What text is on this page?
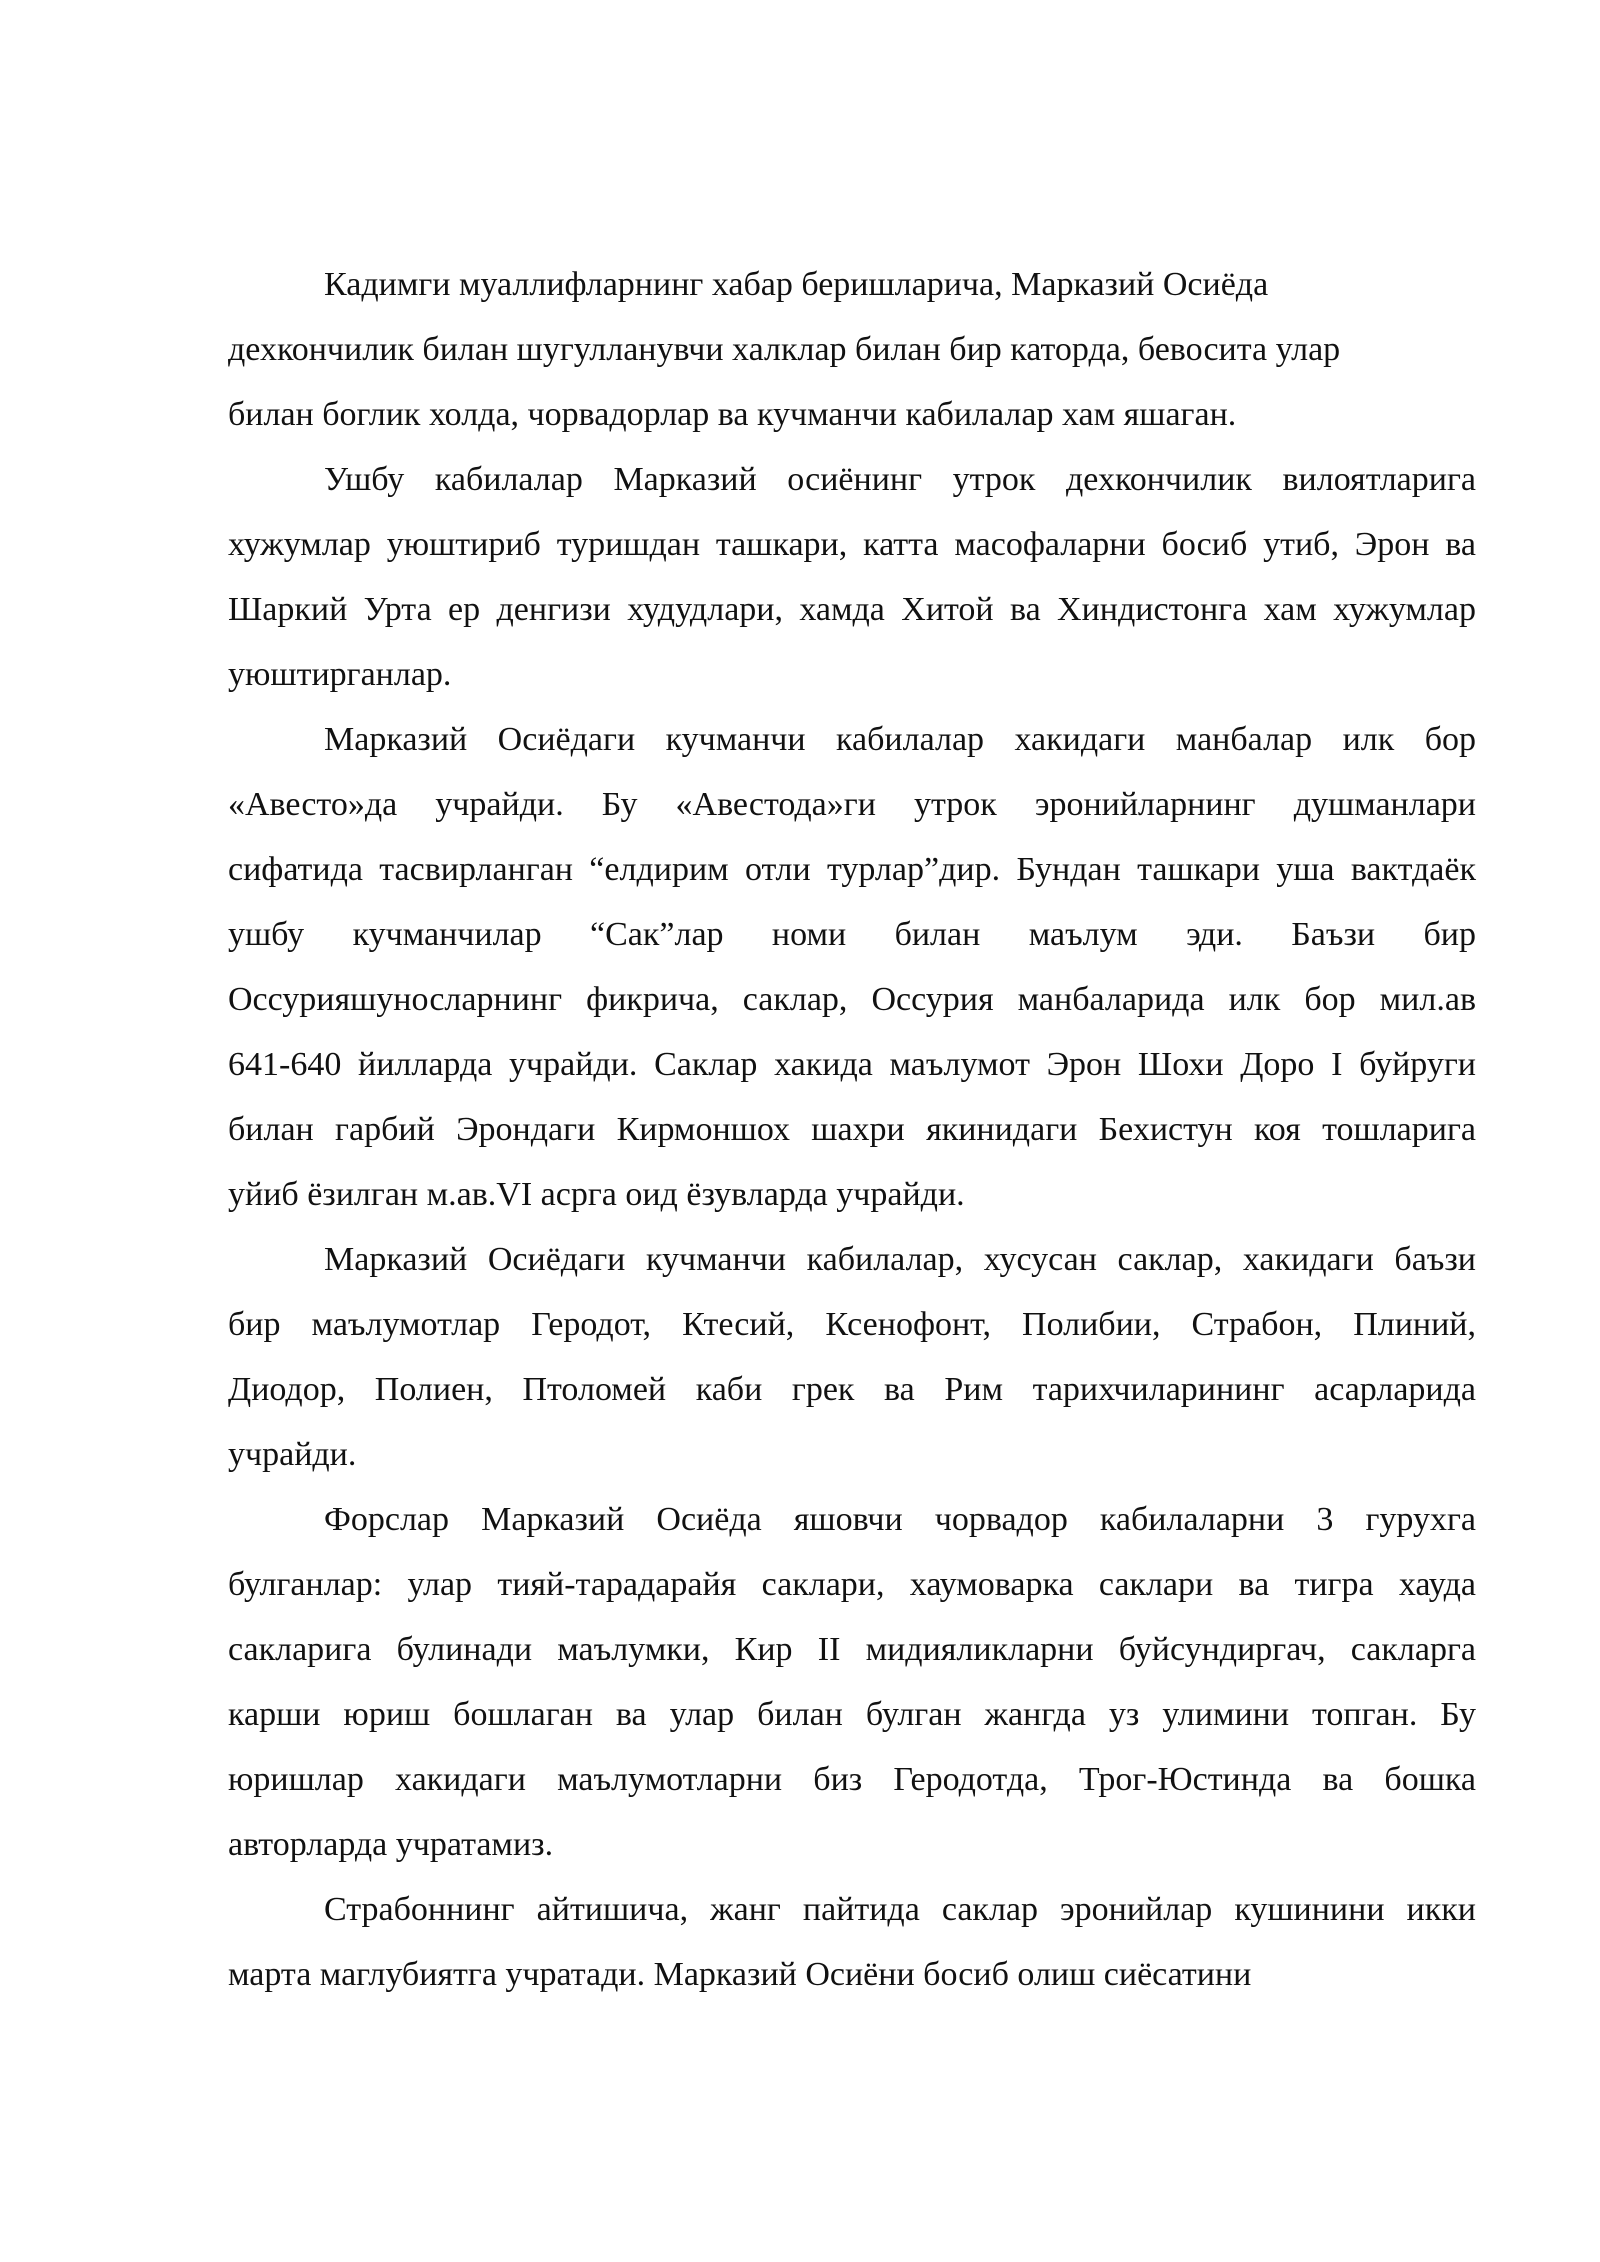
Кадимги муаллифларнинг хабар беришларича, Марказий Осиёда
дехкончилик билан шугулланувчи халклар билан бир каторда, бевосита улар
билан боглик холда, чорвадорлар ва кучманчи кабилалар хам яшаган.
Ушбу кабилалар Марказий осиёнинг утрок дехкончилик вилоятларига
хужумлар уюштириб туришдан ташкари, катта масофаларни босиб утиб, Эрон ва
Шаркий Урта ер денгизи худудлари, хамда Хитой ва Хиндистонга хам хужумлар
уюштирганлар.
Марказий Осиёдаги кучманчи кабилалар хакидаги манбалар илк бор
«Авесто»да учрайди. Бу «Авестода»ги утрок эронийларнинг душманлари
сифатида тасвирланган “елдирим отли турлар”дир. Бундан ташкари уша вактдаёк
ушбу кучманчилар “Сак”лар номи билан маълум эди. Баъзи бир
Оссурияшуносларнинг фикрича, саклар, Оссурия манбаларида илк бор мил.ав
641-640 йилларда учрайди. Саклар хакида маълумот Эрон Шохи Доро I буйруги
билан гарбий Эрондаги Кирмоншох шахри якинидаги Бехистун коя тошларига
уйиб ёзилган м.ав.VI асрга оид ёзувларда учрайди.
Марказий Осиёдаги кучманчи кабилалар, хусусан саклар, хакидаги баъзи
бир маълумотлар Геродот, Ктесий, Ксенофонт, Полибии, Страбон, Плиний,
Диодор, Полиен, Птоломей каби грек ва Рим тарихчиларининг асарларида
учрайди.
Форслар Марказий Осиёда яшовчи чорвадор кабилаларни 3 гурухга
булганлар: улар тияй-тарадарайя саклари, хаумоварка саклари ва тигра хауда
сакларига булинади маълумки, Кир II мидияликларни буйсундиргач, сакларга
карши юриш бошлаган ва улар билан булган жангда уз улимини топган. Бу
юришлар хакидаги маълумотларни биз Геродотда, Трог-Юстинда ва бошка
авторларда учратамиз.
Страбоннинг айтишича, жанг пайтида саклар эронийлар кушинини икки
марта маглубиятга учратади. Марказий Осиёни босиб олиш сиёсатини
